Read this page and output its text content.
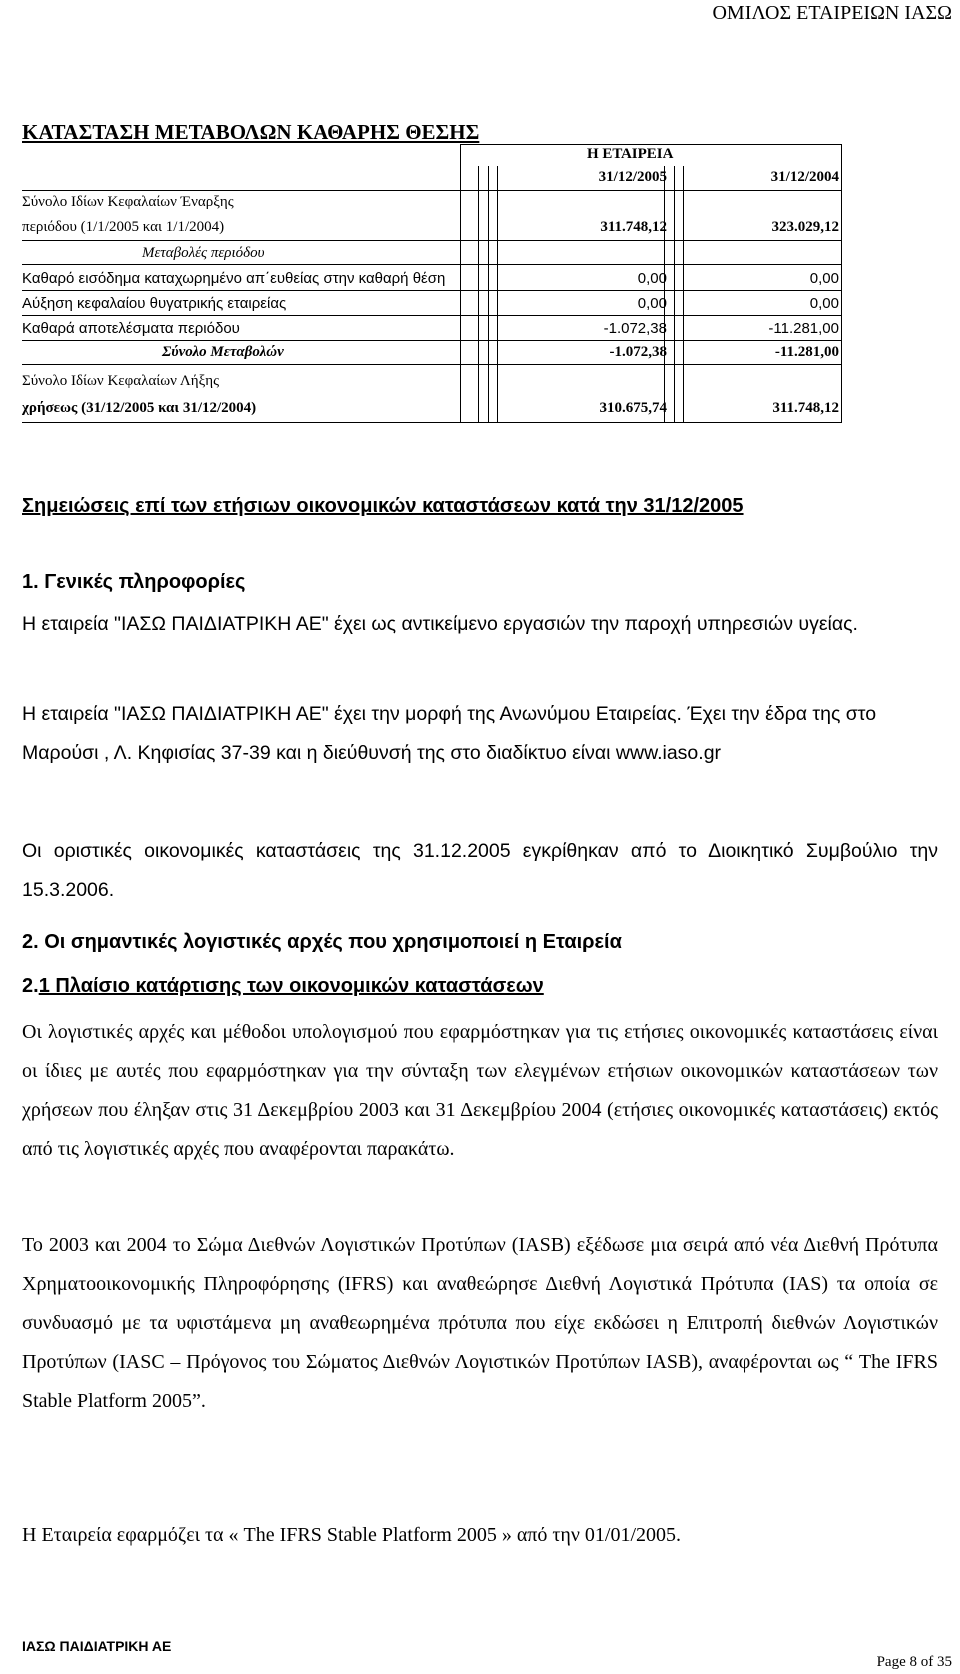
ΟΜΙΛΟΣ ΕΤΑΙΡΕΙΩΝ ΙΑΣΩ
ΚΑΤΑΣΤΑΣΗ ΜΕΤΑΒΟΛΩΝ ΚΑΘΑΡΗΣ ΘΕΣΗΣ
Η ΕΤΑΙΡΕΙΑ
31/12/2005	31/12/2004
Σύνολο Ιδίων Κεφαλαίων Έναρξης
περιόδου (1/1/2005 και 1/1/2004)	311.748,12	323.029,12
Μεταβολές περιόδου
Καθαρό εισόδημα καταχωρημένο απ΄ευθείας στην καθαρή θέση	0,00	0,00
Αύξηση κεφαλαίου θυγατρικής εταιρείας	0,00	0,00
Καθαρά αποτελέσματα περιόδου	-1.072,38	-11.281,00
Σύνολο Μεταβολών	-1.072,38	-11.281,00
Σύνολο Ιδίων Κεφαλαίων Λήξης
χρήσεως (31/12/2005 και 31/12/2004)	310.675,74	311.748,12
Σημειώσεις επί των ετήσιων οικονομικών καταστάσεων κατά την 31/12/2005
1. Γενικές πληροφορίες
Η εταιρεία "ΙΑΣΩ ΠΑΙΔΙΑΤΡΙΚΗ ΑΕ" έχει ως αντικείμενο εργασιών την παροχή υπηρεσιών υγείας.
Η εταιρεία "ΙΑΣΩ ΠΑΙΔΙΑΤΡΙΚΗ ΑΕ" έχει την μορφή της Ανωνύμου Εταιρείας. Έχει την έδρα της στο Μαρούσι , Λ. Κηφισίας 37-39 και η διεύθυνσή της στο διαδίκτυο είναι www.iaso.gr
Οι οριστικές οικονομικές καταστάσεις της 31.12.2005 εγκρίθηκαν από το Διοικητικό Συμβούλιο την 15.3.2006.
2. Οι σημαντικές λογιστικές αρχές που χρησιμοποιεί η Εταιρεία
2.1 Πλαίσιο κατάρτισης των οικονομικών καταστάσεων
Οι λογιστικές αρχές και μέθοδοι υπολογισμού που εφαρμόστηκαν για τις ετήσιες οικονομικές καταστάσεις είναι οι ίδιες με αυτές που εφαρμόστηκαν για την σύνταξη των ελεγμένων ετήσιων οικονομικών καταστάσεων των χρήσεων που έληξαν στις 31 Δεκεμβρίου 2003 και 31 Δεκεμβρίου 2004 (ετήσιες οικονομικές καταστάσεις) εκτός από τις λογιστικές αρχές που αναφέρονται παρακάτω.
Το 2003 και 2004 το Σώμα Διεθνών Λογιστικών Προτύπων (IASB) εξέδωσε μια σειρά από νέα Διεθνή Πρότυπα Χρηματοοικονομικής Πληροφόρησης (IFRS) και αναθεώρησε Διεθνή Λογιστικά Πρότυπα (IAS) τα οποία σε συνδυασμό με τα υφιστάμενα μη αναθεωρημένα πρότυπα που είχε εκδώσει η Επιτροπή διεθνών Λογιστικών Προτύπων (IASC – Πρόγονος του Σώματος Διεθνών Λογιστικών Προτύπων IASB), αναφέρονται ως “ The IFRS Stable Platform 2005”.
Η Εταιρεία εφαρμόζει τα « The IFRS Stable Platform 2005 » από την 01/01/2005.
ΙΑΣΩ ΠΑΙΔΙΑΤΡΙΚΗ ΑΕ
Page 8 of 35
